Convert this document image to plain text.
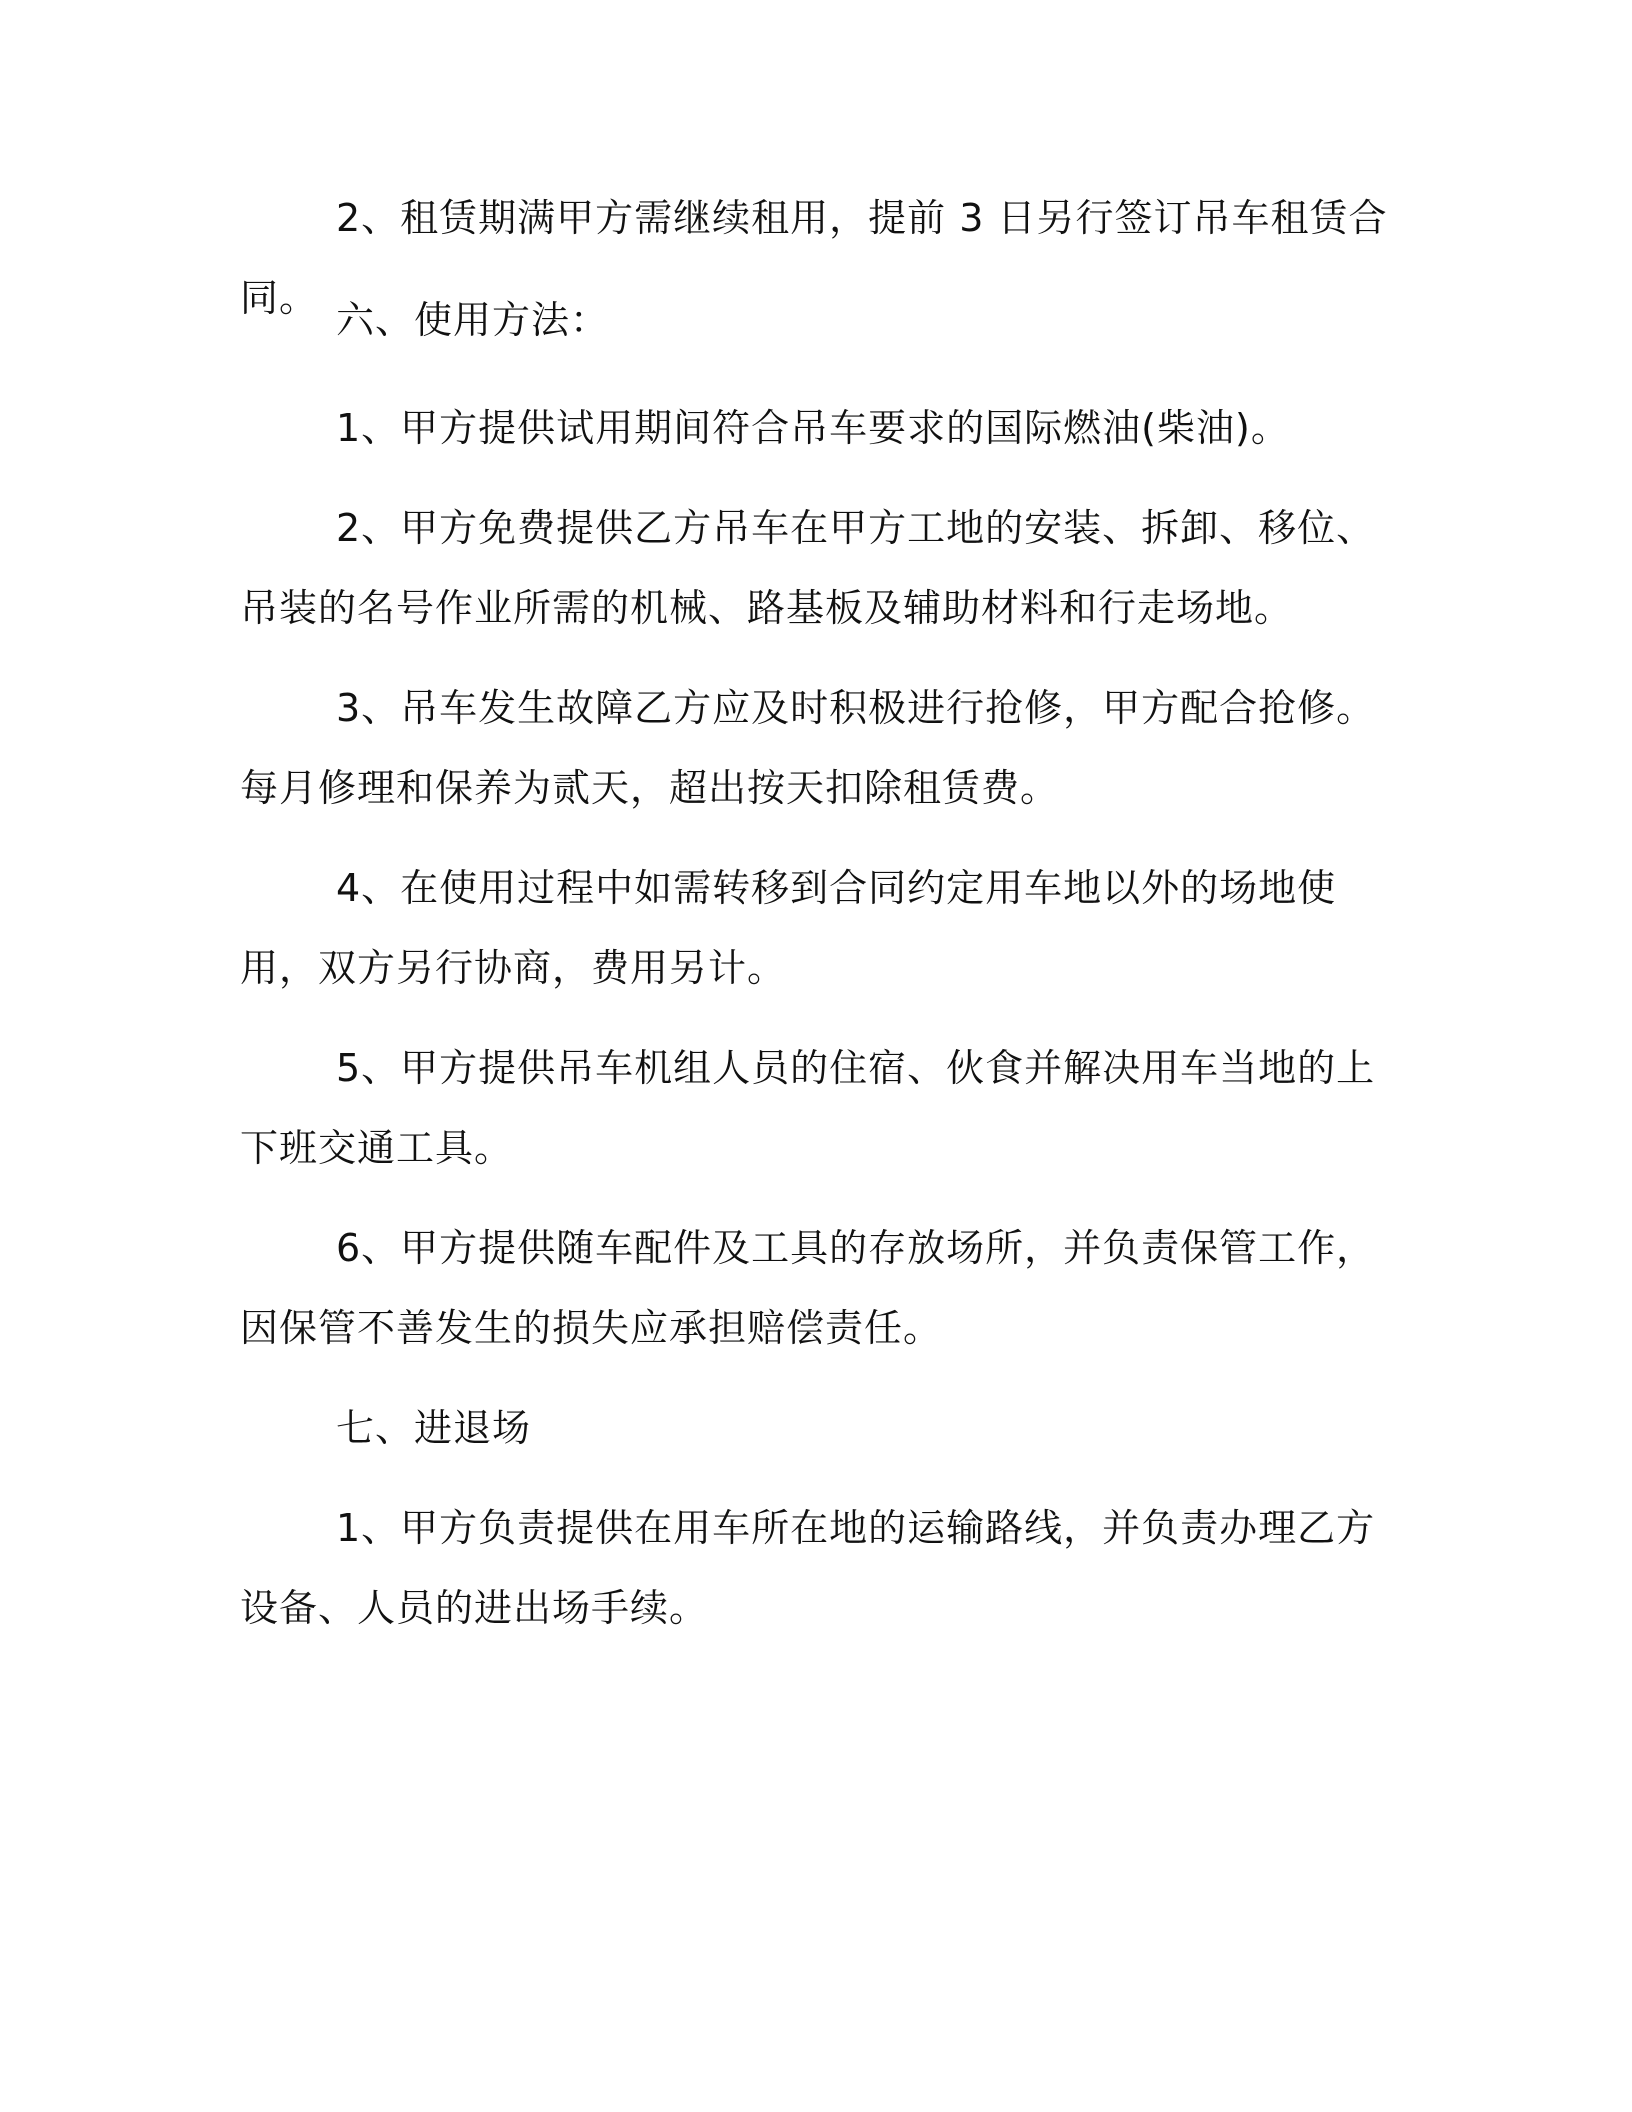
2、租赁期满甲方需继续租用，提前 3 日另行签订吊车租赁合同。 六、使用方法：

1、甲方提供试用期间符合吊车要求的国际燃油(柴油)。

2、甲方免费提供乙方吊车在甲方工地的安装、拆卸、移位、吊装的名号作业所需的机械、路基板及辅助材料和行走场地。

3、吊车发生故障乙方应及时积极进行抢修，甲方配合抢修。每月修理和保养为贰天，超出按天扣除租赁费。

4、在使用过程中如需转移到合同约定用车地以外的场地使用，双方另行协商，费用另计。

5、甲方提供吊车机组人员的住宿、伙食并解决用车当地的上下班交通工具。

6、甲方提供随车配件及工具的存放场所，并负责保管工作，因保管不善发生的损失应承担赔偿责任。

七、进退场

1、甲方负责提供在用车所在地的运输路线，并负责办理乙方设备、人员的进出场手续。
